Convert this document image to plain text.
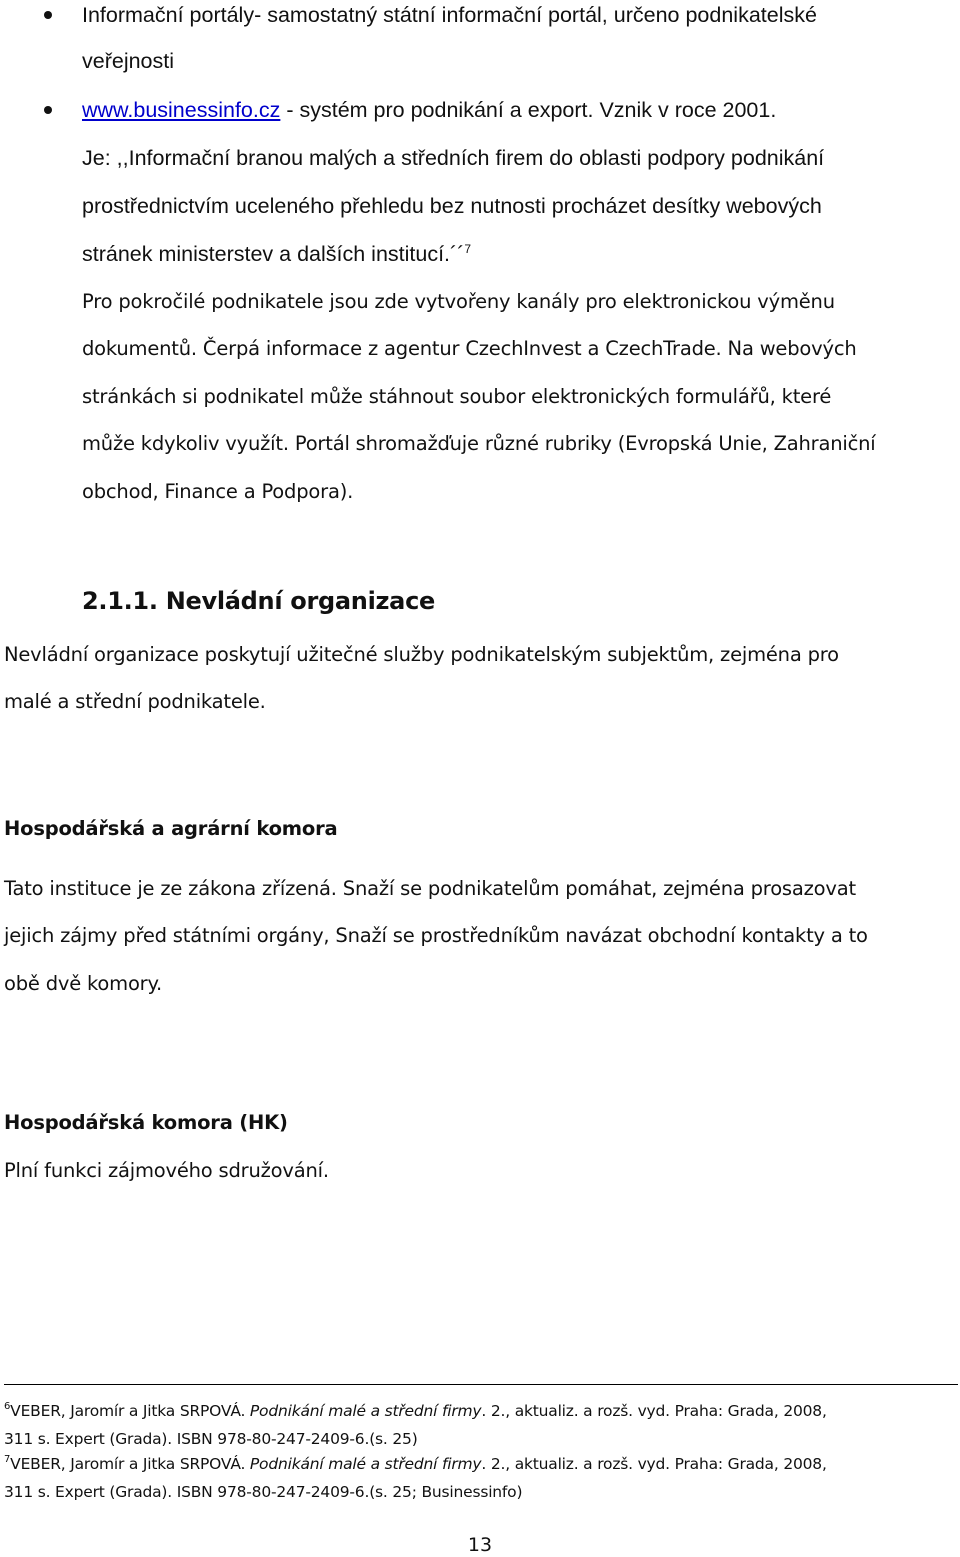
Informační portály- samostatný státní informační portál, určeno podnikatelské
veřejnosti
www.businessinfo.cz - systém pro podnikání a export. Vznik v roce 2001.
Je: ,,Informační branou malých a středních firem do oblasti podpory podnikání
prostřednictvím uceleného přehledu bez nutnosti procházet desítky webových
stránek ministerstev a dalších institucí.´´$^7$
Pro pokročilé podnikatele jsou zde vytvořeny kanály pro elektronickou výměnu
dokumentů. Čerpá informace z agentur CzechInvest a CzechTrade. Na webových
stránkách si podnikatel může stáhnout soubor elektronických formulářů, které
může kdykoliv využít. Portál shromažďuje různé rubriky (Evropská Unie, Zahraniční
obchod, Finance a Podpora).
2.1.1. Nevládní organizace
Nevládní organizace poskytují užitečné služby podnikatelským subjektům, zejména pro
malé a střední podnikatele.
Hospodářská a agrární komora
Tato instituce je ze zákona zřízená. Snaží se podnikatelům pomáhat, zejména prosazovat
jejich zájmy před státními orgány, Snaží se prostředníkům navázat obchodní kontakty a to
obě dvě komory.
Hospodářská komora (HK)
Plní funkci zájmového sdružování.
$^6$VEBER, Jaromír a Jitka SRPOVÁ. Podnikání malé a střední firmy. 2., aktualiz. a rozš. vyd. Praha: Grada, 2008,
311 s. Expert (Grada). ISBN 978-80-247-2409-6.(s. 25)
$^7$VEBER, Jaromír a Jitka SRPOVÁ. Podnikání malé a střední firmy. 2., aktualiz. a rozš. vyd. Praha: Grada, 2008,
311 s. Expert (Grada). ISBN 978-80-247-2409-6.(s. 25; Businessinfo)
13
